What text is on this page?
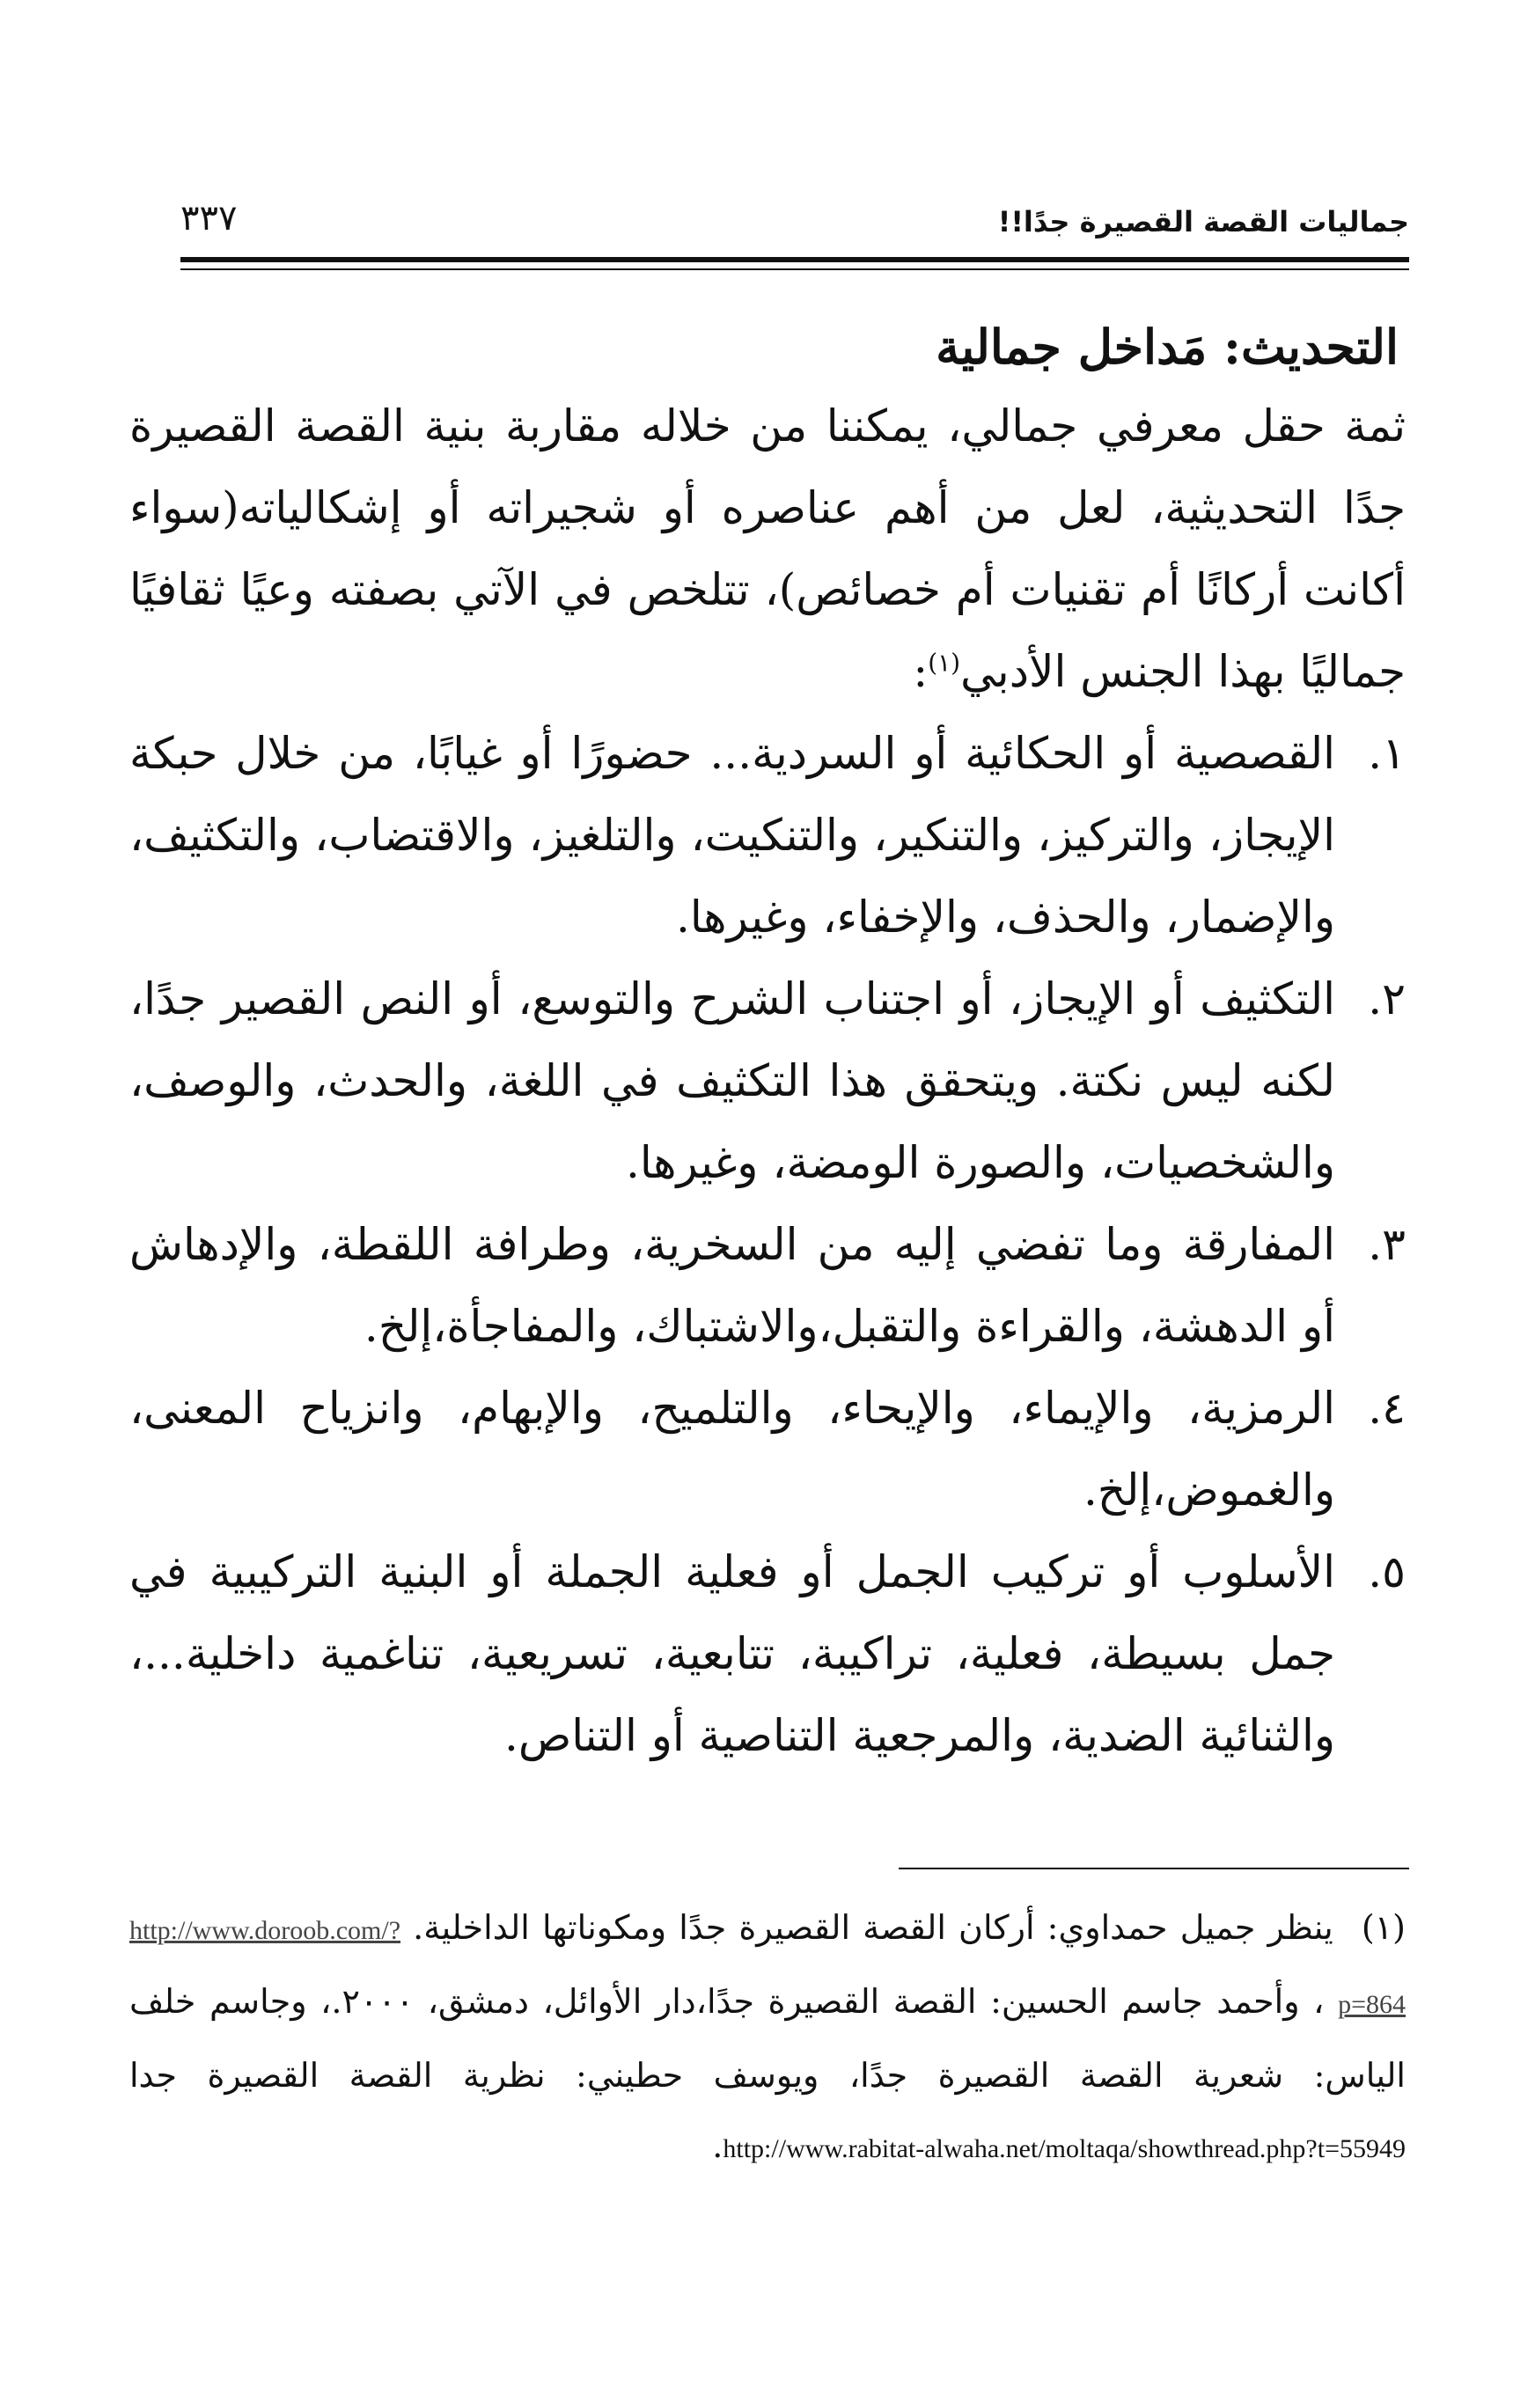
جماليات القصة القصيرة جدًا!!
٣٣٧
التحديث: مَداخل جمالية

ثمة حقل معرفي جمالي، يمكننا من خلاله مقاربة بنية القصة القصيرة جدًا التحديثية، لعل من أهم عناصره أو شجيراته أو إشكالياته(سواء أكانت أركانًا أم تقنيات أم خصائص)، تتلخص في الآتي بصفته وعيًا ثقافيًا جماليًا بهذا الجنس الأدبي$^{(١)}$:

١.
القصصية أو الحكائية أو السردية... حضورًا أو غيابًا، من خلال حبكة الإيجاز، والتركيز، والتنكير، والتنكيت، والتلغيز، والاقتضاب، والتكثيف، والإضمار، والحذف، والإخفاء، وغيرها.
٢.
التكثيف أو الإيجاز، أو اجتناب الشرح والتوسع، أو النص القصير جدًا، لكنه ليس نكتة. ويتحقق هذا التكثيف في اللغة، والحدث، والوصف، والشخصيات، والصورة الومضة، وغيرها.
٣.
المفارقة وما تفضي إليه من السخرية، وطرافة اللقطة، والإدهاش أو الدهشة، والقراءة والتقبل،والاشتباك، والمفاجأة،إلخ.
٤.
الرمزية، والإيماء، والإيحاء، والتلميح، والإبهام، وانزياح المعنى، والغموض،إلخ.
٥.
الأسلوب أو تركيب الجمل أو فعلية الجملة أو البنية التركيبية في جمل بسيطة، فعلية، تراكيبة، تتابعية، تسريعية، تناغمية داخلية...، والثنائية الضدية، والمرجعية التناصية أو التناص.
(١) ينظر جميل حمداوي: أركان القصة القصيرة جدًا ومكوناتها الداخلية. http://www.doroob.com/?p=864 ، وأحمد جاسم الحسين: القصة القصيرة جدًا،دار الأوائل، دمشق، ٢٠٠٠.، وجاسم خلف الياس: شعرية القصة القصيرة جدًا، ويوسف حطيني: نظرية القصة القصيرة جدا http://www.rabitat-alwaha.net/moltaqa/showthread.php?t=55949.
